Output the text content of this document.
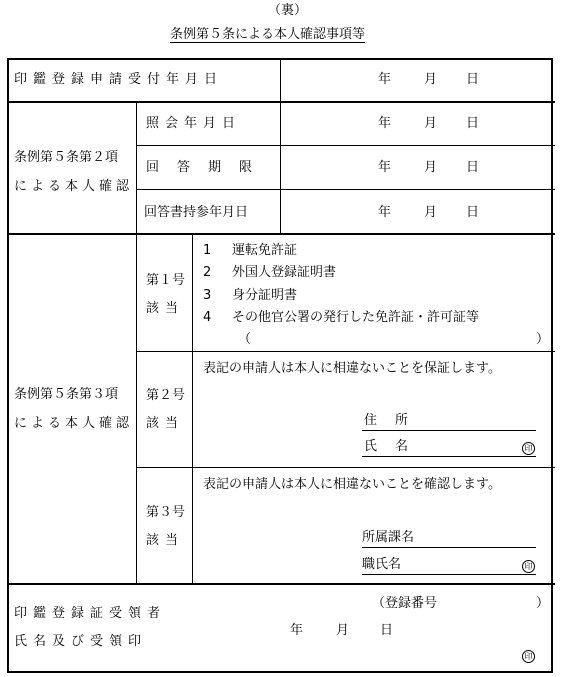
（裏）
条例第５条による本人確認事項等
印鑑登録申請受付年月日	年	月 日
条例第５条第２項
による本人確認
照会年月日	年	月 日
回答期限	年	月 日
回答書持参年月日	年	月 日
条例第５条第３項
による本人確認
第１号
該当
1 運転免許証
2 外国人登録証明書
3 身分証明書
4 その他官公署の発行した免許証・許可証等
（	）
第２号
該当
表記の申請人は本人に相違ないことを保証します。
住所
氏名	印
第３号
該当
表記の申請人は本人に相違ないことを確認します。
所属課名
職氏名	印
印鑑登録証受領者
氏名及び受領印
（登録番号	）
年	月 日
印
